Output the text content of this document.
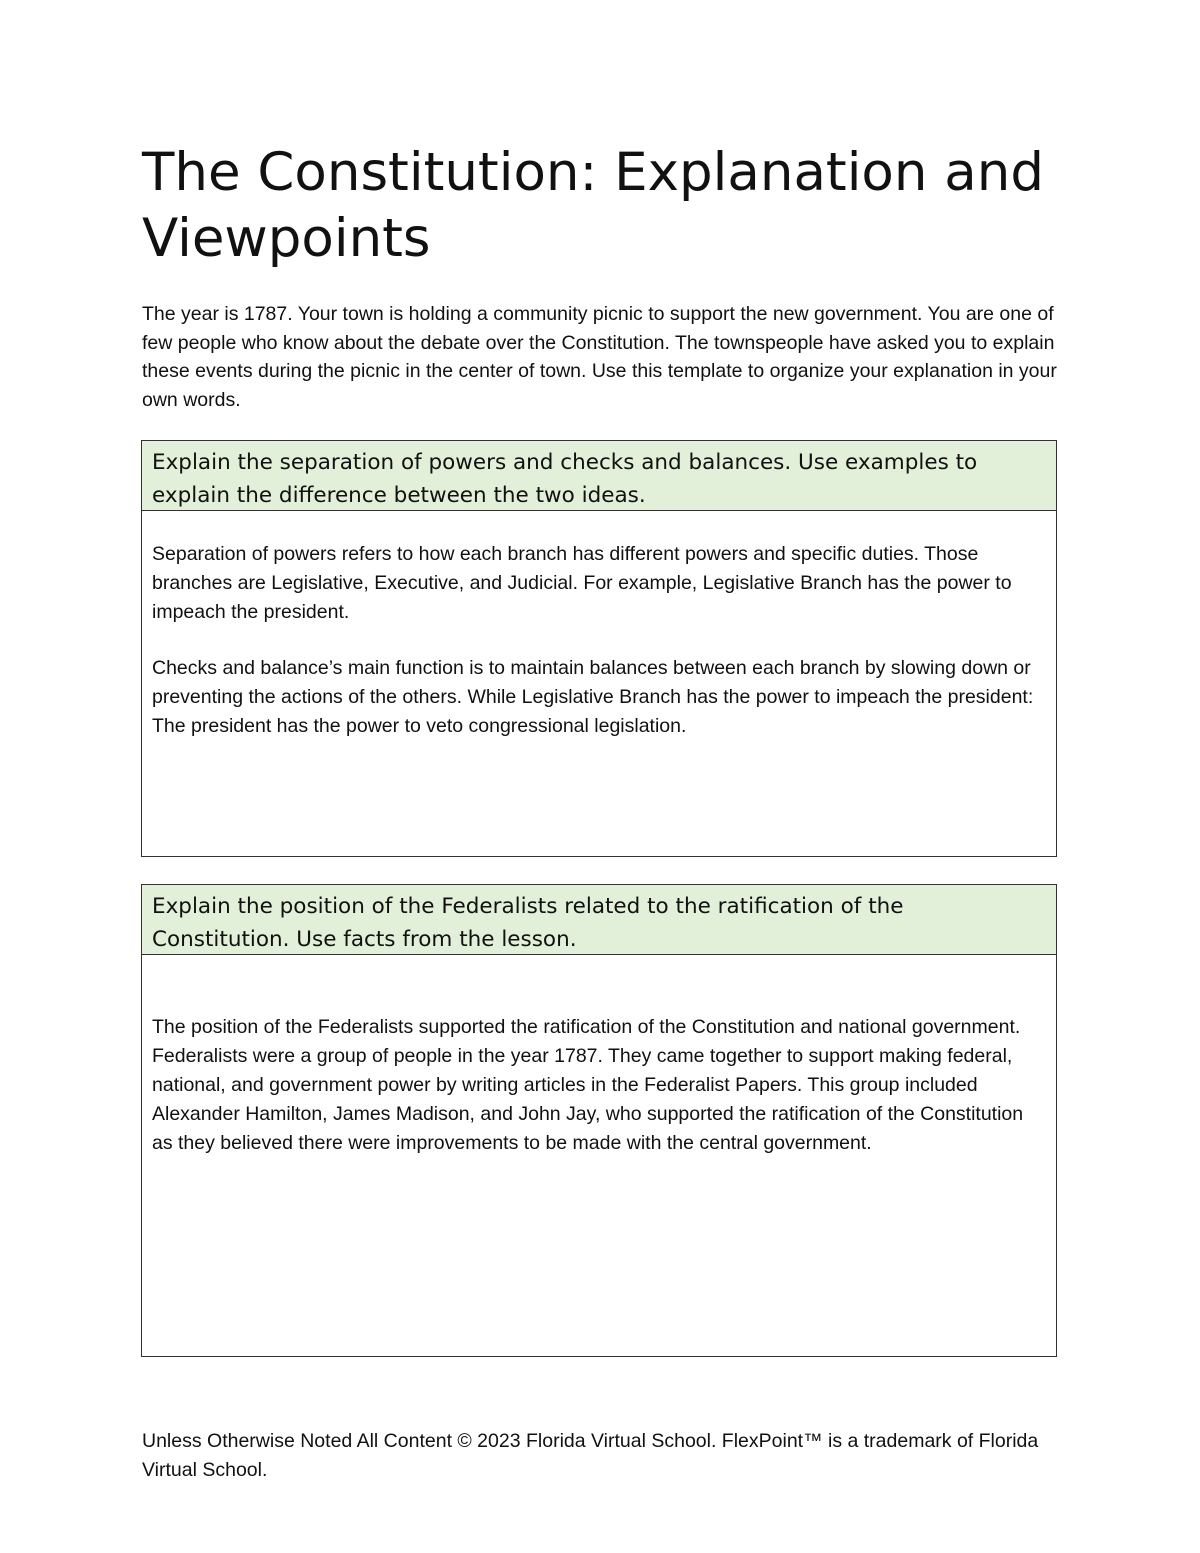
The Constitution: Explanation and Viewpoints

The year is 1787. Your town is holding a community picnic to support the new government. You are one of few people who know about the debate over the Constitution. The townspeople have asked you to explain these events during the picnic in the center of town. Use this template to organize your explanation in your own words.

Explain the separation of powers and checks and balances. Use examples to explain the difference between the two ideas.

Separation of powers refers to how each branch has different powers and specific duties. Those branches are Legislative, Executive, and Judicial. For example, Legislative Branch has the power to impeach the president.

Checks and balance’s main function is to maintain balances between each branch by slowing down or preventing the actions of the others. While Legislative Branch has the power to impeach the president: The president has the power to veto congressional legislation.

Explain the position of the Federalists related to the ratification of the Constitution. Use facts from the lesson.

The position of the Federalists supported the ratification of the Constitution and national government. Federalists were a group of people in the year 1787. They came together to support making federal, national, and government power by writing articles in the Federalist Papers. This group included Alexander Hamilton, James Madison, and John Jay, who supported the ratification of the Constitution as they believed there were improvements to be made with the central government.

Unless Otherwise Noted All Content © 2023 Florida Virtual School. FlexPoint™ is a trademark of Florida Virtual School.
